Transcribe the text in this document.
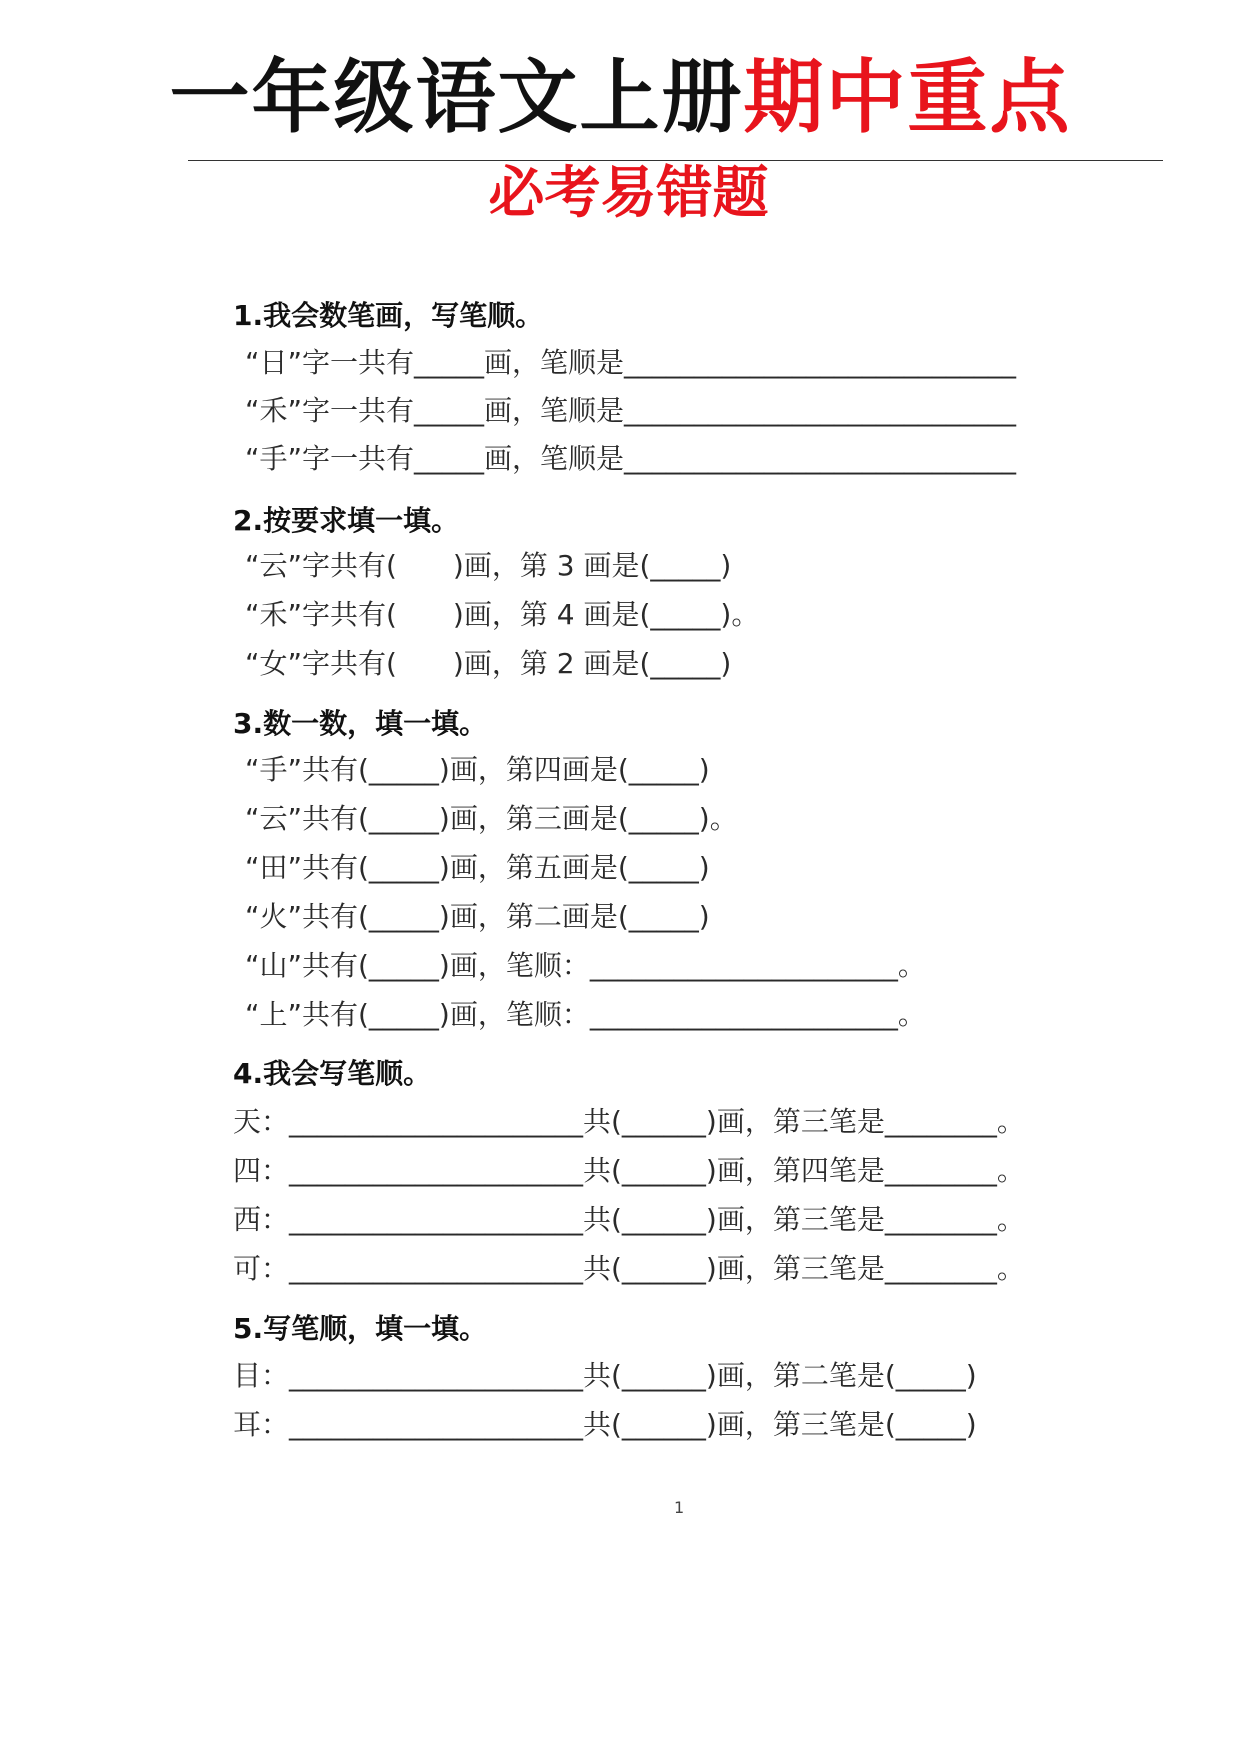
一年级语文上册期中重点
必考易错题
1.我会数笔画，写笔顺。
“日”字一共有_____画，笔顺是____________________________
“禾”字一共有_____画，笔顺是____________________________
“手”字一共有_____画，笔顺是____________________________
2.按要求填一填。
“云”字共有(　　)画，第 3 画是(_____)
“禾”字共有(　　)画，第 4 画是(_____)。
“女”字共有(　　)画，第 2 画是(_____)
3.数一数，填一填。
“手”共有(_____)画，第四画是(_____)
“云”共有(_____)画，第三画是(_____)。
“田”共有(_____)画，第五画是(_____)
“火”共有(_____)画，第二画是(_____)
“山”共有(_____)画，笔顺：______________________。
“上”共有(_____)画，笔顺：______________________。
4.我会写笔顺。
天：_____________________共(______)画，第三笔是________。
四：_____________________共(______)画，第四笔是________。
西：_____________________共(______)画，第三笔是________。
可：_____________________共(______)画，第三笔是________。
5.写笔顺，填一填。
目：_____________________共(______)画，第二笔是(_____)
耳：_____________________共(______)画，第三笔是(_____)
1
